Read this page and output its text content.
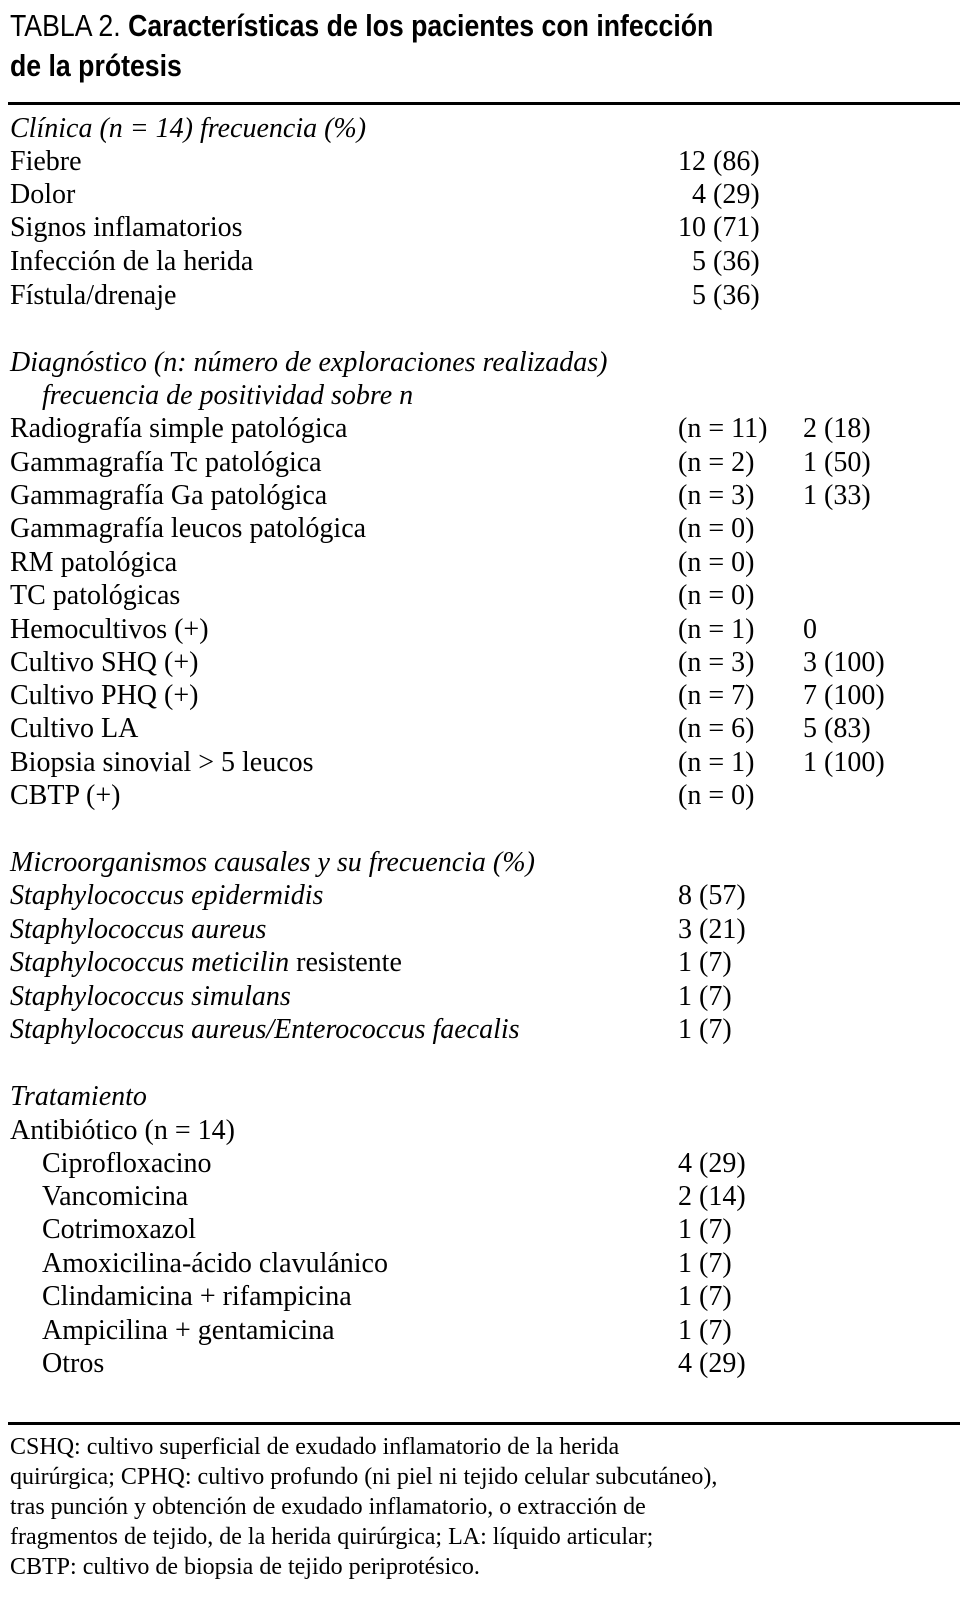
TABLA 2. Características de los pacientes con infección
de la prótesis
Clínica (n = 14) frecuencia (%)
Fiebre	12 (86)
Dolor	4 (29)
Signos inflamatorios	10 (71)
Infección de la herida	5 (36)
Fístula/drenaje	5 (36)
Diagnóstico (n: número de exploraciones realizadas)
frecuencia de positividad sobre n
Radiografía simple patológica	(n = 11) 2 (18)
Gammagrafía Tc patológica	(n = 2) 1 (50)
Gammagrafía Ga patológica	(n = 3) 1 (33)
Gammagrafía leucos patológica	(n = 0)
RM patológica	(n = 0)
TC patológicas	(n = 0)
Hemocultivos (+)	(n = 1) 0
Cultivo SHQ (+)	(n = 3) 3 (100)
Cultivo PHQ (+)	(n = 7) 7 (100)
Cultivo LA	(n = 6) 5 (83)
Biopsia sinovial > 5 leucos	(n = 1) 1 (100)
CBTP (+)	(n = 0)
Microorganismos causales y su frecuencia (%)
Staphylococcus epidermidis	8 (57)
Staphylococcus aureus	3 (21)
Staphylococcus meticilin resistente	1 (7)
Staphylococcus simulans	1 (7)
Staphylococcus aureus/Enterococcus faecalis	1 (7)
Tratamiento
Antibiótico (n = 14)
Ciprofloxacino	4 (29)
Vancomicina	2 (14)
Cotrimoxazol	1 (7)
Amoxicilina-ácido clavulánico	1 (7)
Clindamicina + rifampicina	1 (7)
Ampicilina + gentamicina	1 (7)
Otros	4 (29)

CSHQ: cultivo superficial de exudado inflamatorio de la herida

quirúrgica; CPHQ: cultivo profundo (ni piel ni tejido celular subcutáneo),

tras punción y obtención de exudado inflamatorio, o extracción de

fragmentos de tejido, de la herida quirúrgica; LA: líquido articular;

CBTP: cultivo de biopsia de tejido periprotésico.
